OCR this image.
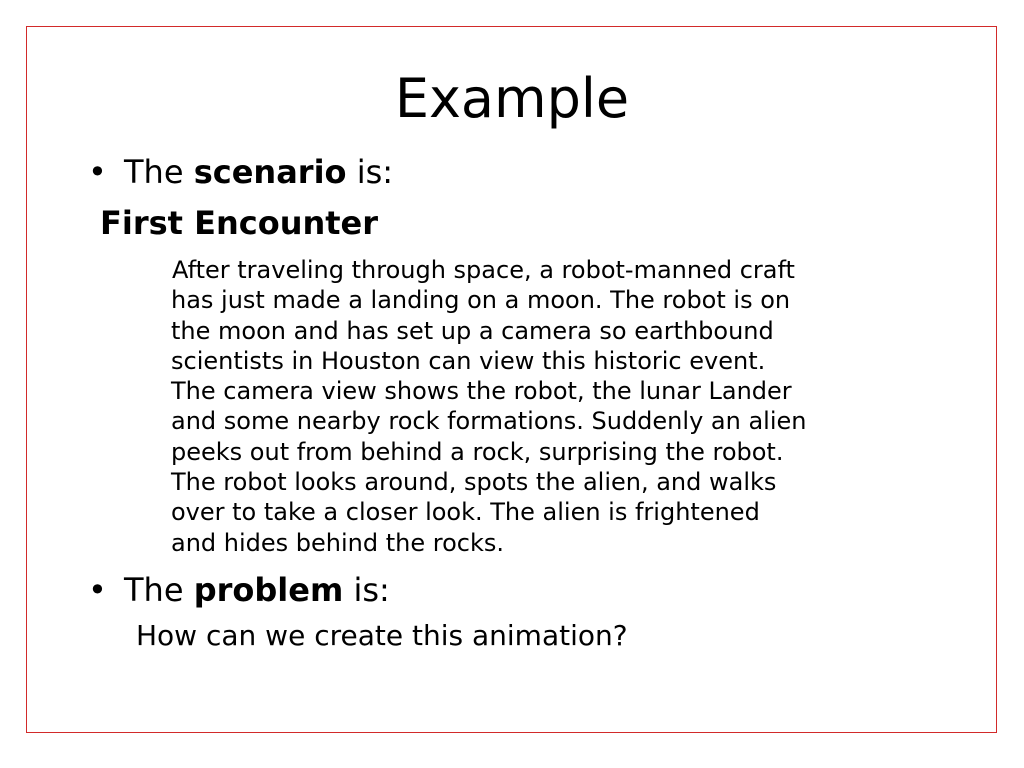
Example
• The scenario is:
First Encounter
After traveling through space, a robot-manned craft
has just made a landing on a moon. The robot is on
the moon and has set up a camera so earthbound
scientists in Houston can view this historic event.
The camera view shows the robot, the lunar Lander
and some nearby rock formations. Suddenly an alien
peeks out from behind a rock, surprising the robot.
The robot looks around, spots the alien, and walks
over to take a closer look. The alien is frightened
and hides behind the rocks.
• The problem is:
How can we create this animation?
